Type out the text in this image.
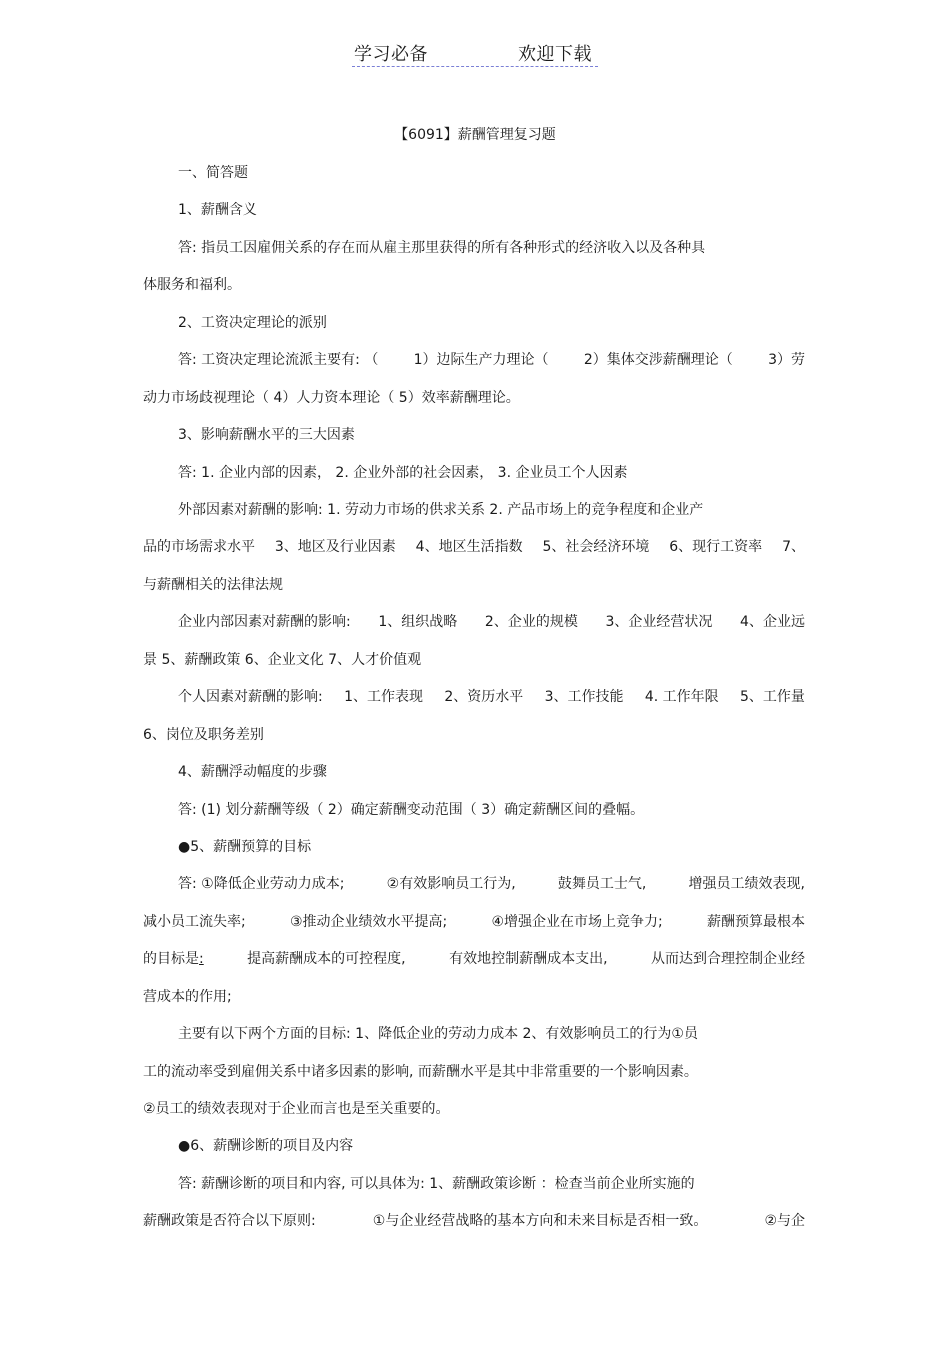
学习必备	欢迎下载
【6091】薪酬管理复习题
一、简答题
1、薪酬含义
答: 指员工因雇佣关系的存在而从雇主那里获得的所有各种形式的经济收入以及各种具
体服务和福利。
2、工资决定理论的派别
答: 工资决定理论流派主要有: （	1）边际生产力理论（	2）集体交涉薪酬理论（	3）劳
动力市场歧视理论（ 4）人力资本理论（ 5）效率薪酬理论。
3、影响薪酬水平的三大因素
答: 1. 企业内部的因素， 2. 企业外部的社会因素， 3. 企业员工个人因素
外部因素对薪酬的影响: 1. 劳动力市场的供求关系 2. 产品市场上的竞争程度和企业产
品的市场需求水平 3、地区及行业因素 4、地区生活指数 5、社会经济环境 6、现行工资率 7、
与薪酬相关的法律法规
企业内部因素对薪酬的影响: 1、组织战略 2、企业的规模 3、企业经营状况 4、企业远
景 5、薪酬政策 6、企业文化 7、人才价值观
个人因素对薪酬的影响: 1、工作表现 2、资历水平 3、工作技能 4. 工作年限 5、工作量
6、岗位及职务差别
4、薪酬浮动幅度的步骤
答: (1) 划分薪酬等级（ 2）确定薪酬变动范围（ 3）确定薪酬区间的叠幅。
●5、薪酬预算的目标
答: ①降低企业劳动力成本;	②有效影响员工行为,	鼓舞员工士气,	增强员工绩效表现,
减小员工流失率;	③推动企业绩效水平提高;	④增强企业在市场上竞争力;	薪酬预算最根本
的目标是:	提高薪酬成本的可控程度,	有效地控制薪酬成本支出,	从而达到合理控制企业经
营成本的作用;
主要有以下两个方面的目标: 1、降低企业的劳动力成本 2、有效影响员工的行为①员
工的流动率受到雇佣关系中诸多因素的影响, 而薪酬水平是其中非常重要的一个影响因素。
②员工的绩效表现对于企业而言也是至关重要的。
●6、薪酬诊断的项目及内容
答: 薪酬诊断的项目和内容, 可以具体为: 1、薪酬政策诊断 ：检查当前企业所实施的
薪酬政策是否符合以下原则:	①与企业经营战略的基本方向和未来目标是否相一致。	②与企
